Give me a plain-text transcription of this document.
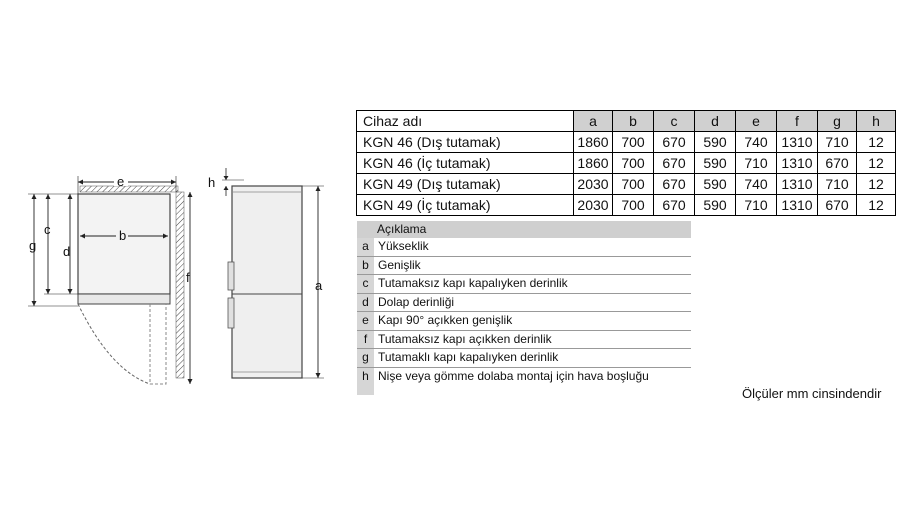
e
b
c
d
g
f
h
a
Cihaz adı	a	b	c	d	e	f	g	h
KGN 46 (Dış tutamak)	1860	700	670	590	740	1310	710	12
KGN 46 (İç tutamak)	1860	700	670	590	710	1310	670	12
KGN 49 (Dış tutamak)	2030	700	670	590	740	1310	710	12
KGN 49 (İç tutamak)	2030	700	670	590	710	1310	670	12
Açıklama
a Yükseklik
b Genişlik
c Tutamaksız kapı kapalıyken derinlik
d Dolap derinliği
e Kapı 90° açıkken genişlik
f Tutamaksız kapı açıkken derinlik
g Tutamaklı kapı kapalıyken derinlik
h Nişe veya gömme dolaba montaj için hava boşluğu
Ölçüler mm cinsindendir
